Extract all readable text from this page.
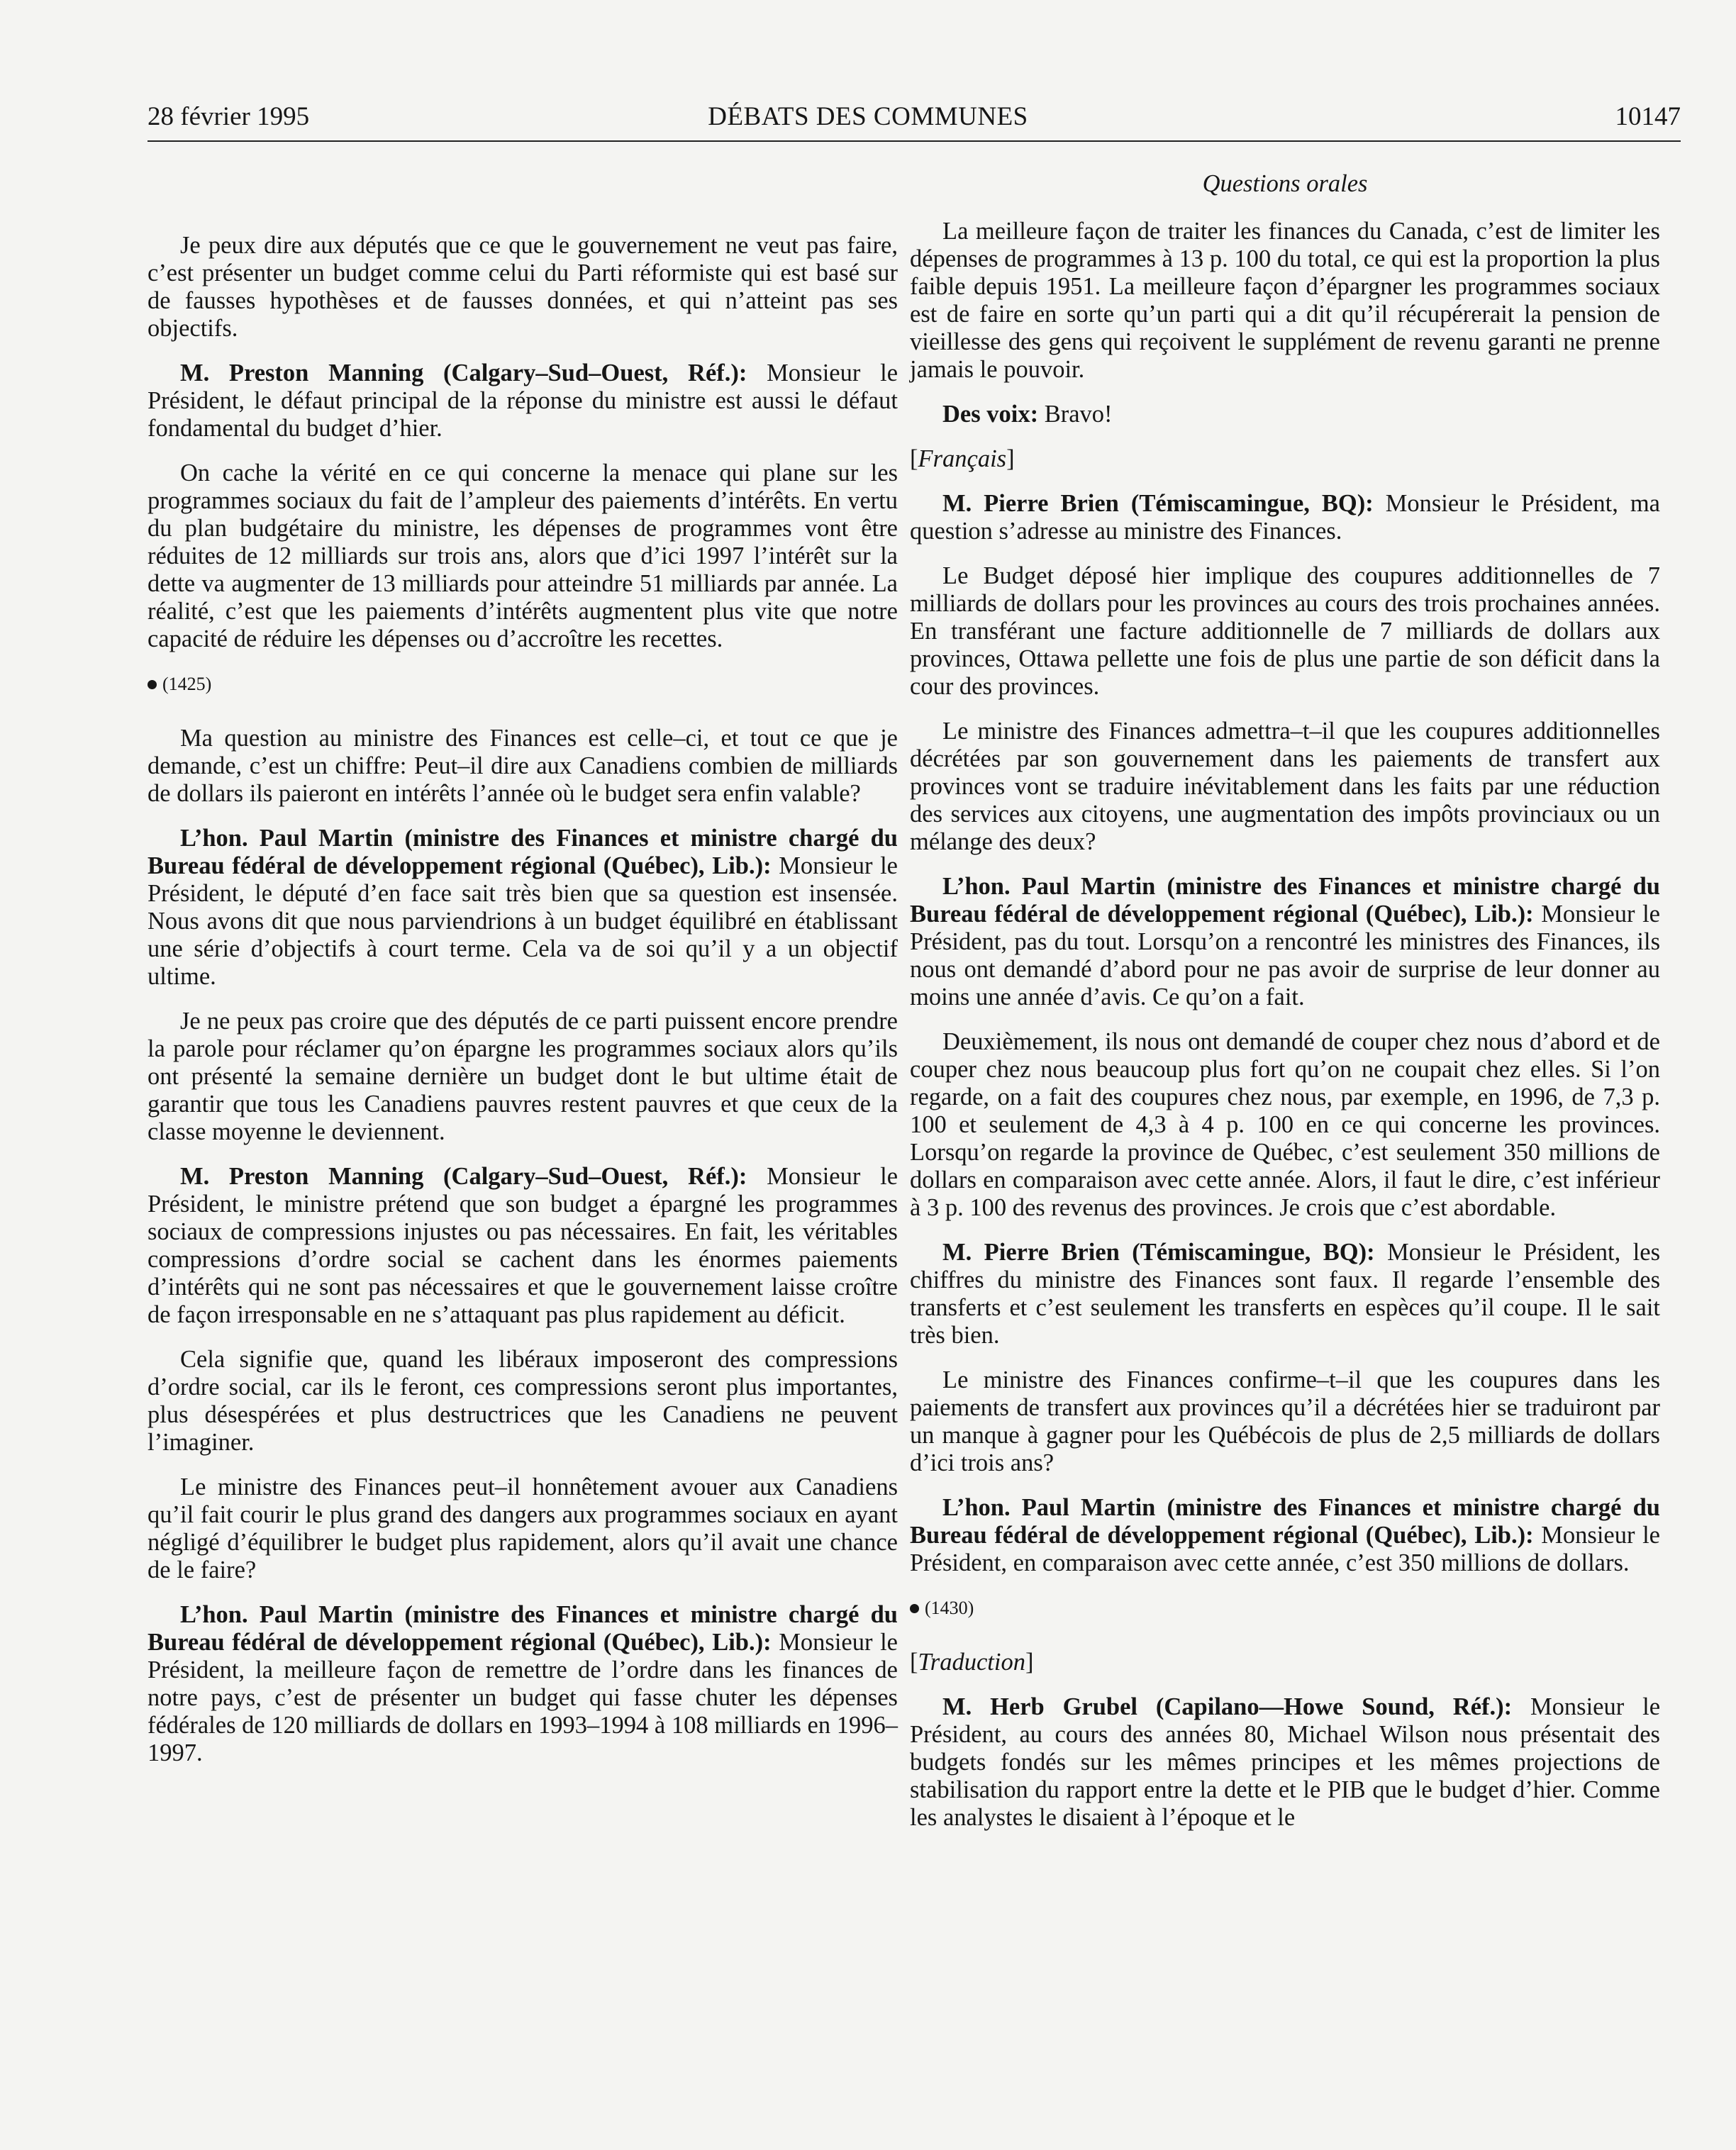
28 février 1995	DÉBATS DES COMMUNES	10147

Je peux dire aux députés que ce que le gouvernement ne veut pas faire, c’est présenter un budget comme celui du Parti réformiste qui est basé sur de fausses hypothèses et de fausses données, et qui n’atteint pas ses objectifs.

M. Preston Manning (Calgary–Sud–Ouest, Réf.): Monsieur le Président, le défaut principal de la réponse du ministre est aussi le défaut fondamental du budget d’hier.

On cache la vérité en ce qui concerne la menace qui plane sur les programmes sociaux du fait de l’ampleur des paiements d’intérêts. En vertu du plan budgétaire du ministre, les dépenses de programmes vont être réduites de 12 milliards sur trois ans, alors que d’ici 1997 l’intérêt sur la dette va augmenter de 13 milliards pour atteindre 51 milliards par année. La réalité, c’est que les paiements d’intérêts augmentent plus vite que notre capacité de réduire les dépenses ou d’accroître les recettes.

(1425)

Ma question au ministre des Finances est celle–ci, et tout ce que je demande, c’est un chiffre: Peut–il dire aux Canadiens combien de milliards de dollars ils paieront en intérêts l’année où le budget sera enfin valable?

L’hon. Paul Martin (ministre des Finances et ministre chargé du Bureau fédéral de développement régional (Québec), Lib.): Monsieur le Président, le député d’en face sait très bien que sa question est insensée. Nous avons dit que nous parviendrions à un budget équilibré en établissant une série d’objectifs à court terme. Cela va de soi qu’il y a un objectif ultime.

Je ne peux pas croire que des députés de ce parti puissent encore prendre la parole pour réclamer qu’on épargne les programmes sociaux alors qu’ils ont présenté la semaine dernière un budget dont le but ultime était de garantir que tous les Canadiens pauvres restent pauvres et que ceux de la classe moyenne le deviennent.

M. Preston Manning (Calgary–Sud–Ouest, Réf.): Monsieur le Président, le ministre prétend que son budget a épargné les programmes sociaux de compressions injustes ou pas nécessaires. En fait, les véritables compressions d’ordre social se cachent dans les énormes paiements d’intérêts qui ne sont pas nécessaires et que le gouvernement laisse croître de façon irresponsable en ne s’attaquant pas plus rapidement au déficit.

Cela signifie que, quand les libéraux imposeront des compressions d’ordre social, car ils le feront, ces compressions seront plus importantes, plus désespérées et plus destructrices que les Canadiens ne peuvent l’imaginer.

Le ministre des Finances peut–il honnêtement avouer aux Canadiens qu’il fait courir le plus grand des dangers aux programmes sociaux en ayant négligé d’équilibrer le budget plus rapidement, alors qu’il avait une chance de le faire?

L’hon. Paul Martin (ministre des Finances et ministre chargé du Bureau fédéral de développement régional (Québec), Lib.): Monsieur le Président, la meilleure façon de remettre de l’ordre dans les finances de notre pays, c’est de présenter un budget qui fasse chuter les dépenses fédérales de 120 milliards de dollars en 1993–1994 à 108 milliards en 1996–1997.

Questions orales

La meilleure façon de traiter les finances du Canada, c’est de limiter les dépenses de programmes à 13 p. 100 du total, ce qui est la proportion la plus faible depuis 1951. La meilleure façon d’épargner les programmes sociaux est de faire en sorte qu’un parti qui a dit qu’il récupérerait la pension de vieillesse des gens qui reçoivent le supplément de revenu garanti ne prenne jamais le pouvoir.

Des voix: Bravo!

[Français]

M. Pierre Brien (Témiscamingue, BQ): Monsieur le Président, ma question s’adresse au ministre des Finances.

Le Budget déposé hier implique des coupures additionnelles de 7 milliards de dollars pour les provinces au cours des trois prochaines années. En transférant une facture additionnelle de 7 milliards de dollars aux provinces, Ottawa pellette une fois de plus une partie de son déficit dans la cour des provinces.

Le ministre des Finances admettra–t–il que les coupures additionnelles décrétées par son gouvernement dans les paiements de transfert aux provinces vont se traduire inévitablement dans les faits par une réduction des services aux citoyens, une augmentation des impôts provinciaux ou un mélange des deux?

L’hon. Paul Martin (ministre des Finances et ministre chargé du Bureau fédéral de développement régional (Québec), Lib.): Monsieur le Président, pas du tout. Lorsqu’on a rencontré les ministres des Finances, ils nous ont demandé d’abord pour ne pas avoir de surprise de leur donner au moins une année d’avis. Ce qu’on a fait.

Deuxièmement, ils nous ont demandé de couper chez nous d’abord et de couper chez nous beaucoup plus fort qu’on ne coupait chez elles. Si l’on regarde, on a fait des coupures chez nous, par exemple, en 1996, de 7,3 p. 100 et seulement de 4,3 à 4 p. 100 en ce qui concerne les provinces. Lorsqu’on regarde la province de Québec, c’est seulement 350 millions de dollars en comparaison avec cette année. Alors, il faut le dire, c’est inférieur à 3 p. 100 des revenus des provinces. Je crois que c’est abordable.

M. Pierre Brien (Témiscamingue, BQ): Monsieur le Président, les chiffres du ministre des Finances sont faux. Il regarde l’ensemble des transferts et c’est seulement les transferts en espèces qu’il coupe. Il le sait très bien.

Le ministre des Finances confirme–t–il que les coupures dans les paiements de transfert aux provinces qu’il a décrétées hier se traduiront par un manque à gagner pour les Québécois de plus de 2,5 milliards de dollars d’ici trois ans?

L’hon. Paul Martin (ministre des Finances et ministre chargé du Bureau fédéral de développement régional (Québec), Lib.): Monsieur le Président, en comparaison avec cette année, c’est 350 millions de dollars.

(1430)
[Traduction]

M. Herb Grubel (Capilano—Howe Sound, Réf.): Monsieur le Président, au cours des années 80, Michael Wilson nous présentait des budgets fondés sur les mêmes principes et les mêmes projections de stabilisation du rapport entre la dette et le PIB que le budget d’hier. Comme les analystes le disaient à l’époque et le
